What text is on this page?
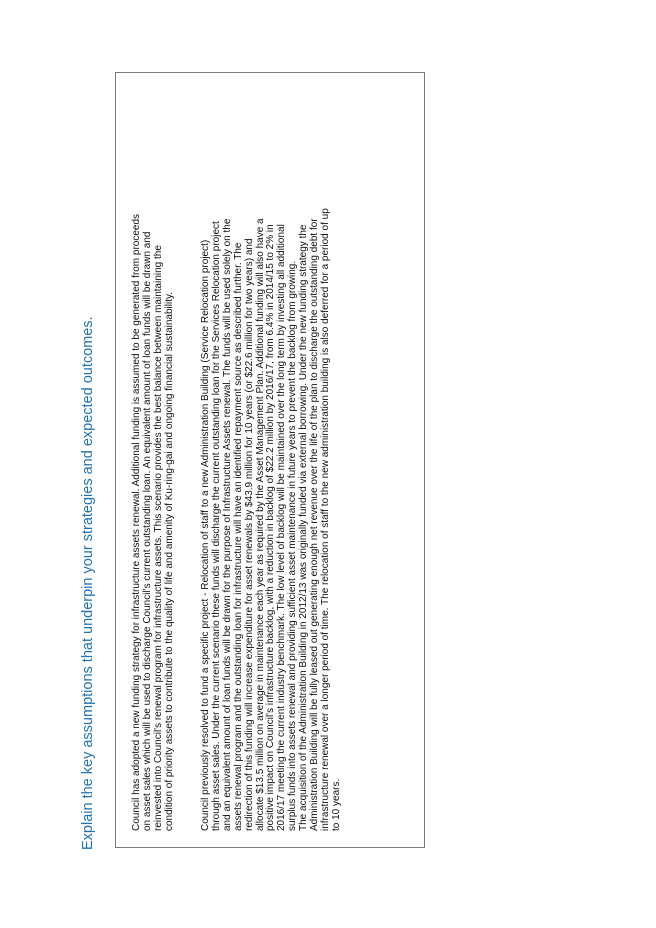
Explain the key assumptions that underpin your strategies and expected outcomes.	Council has adopted a new funding strategy for infrastructure assets renewal. Additional funding is assumed to be generated from proceeds on asset sales which will be used to discharge Council's current outstanding loan. An equivalent amount of loan funds will be drawn and reinvested into Council's renewal program for infrastructure assets. This scenario provides the best balance between maintaining the condition of priority assets to contribute to the quality of life and amenity of Ku-ring-gai and ongoing financial sustainability.	Council previously resolved to fund a specific project - Relocation of staff to a new Administration Building (Service Relocation project) through asset sales. Under the current scenario these funds will discharge the current outstanding loan for the Services Relocation project and an equivalent amount of loan funds will be drawn for the purpose of Infrastructure Assets renewal. The funds will be used solely on the assets renewal program and the outstanding loan for infrastructure will have an identified repayment source as described further. The redirection of this funding will increase expenditure for asset renewals by $43.9 million for 10 years (or $22.6 million for two years) and allocate $13.5 million on average in maintenance each year as required by the Asset Management Plan. Additional funding will also have a positive impact on Council's infrastructure backlog, with a reduction in backlog of $22.2 million by 2016/17, from 6.4% in 2014/15 to 2% in 2016/17 meeting the current industry benchmark. The low level of backlog will be maintained over the long term by investing all additional surplus funds into assets renewal and providing sufficient asset maintenance in future years to prevent the backlog from growing. The acquisition of the Administration Building in 2012/13 was originally funded via external borrowing. Under the new funding strategy the Administration Building will be fully leased out generating enough net revenue over the life of the plan to discharge the outstanding debt for infrastructure renewal over a longer period of time. The relocation of staff to the new administration building is also deferred for a period of up to 10 years.
